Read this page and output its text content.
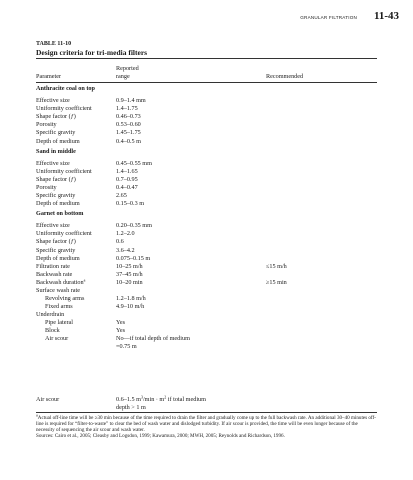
GRANULAR FILTRATION 11-43
TABLE 11-10
Design criteria for tri-media filters
Parameter
Reported
range	Recommended
Anthracite coal on top
Effective size	0.9–1.4 mm
Uniformity coefficient	1.4–1.75
Shape factor (ƒ)	0.46–0.73
Porosity	0.53–0.60
Specific gravity	1.45–1.75
Depth of medium	0.4–0.5 m
Sand in middle
Effective size	0.45–0.55 mm
Uniformity coefficient	1.4–1.65
Shape factor (ƒ)	0.7–0.95
Porosity	0.4–0.47
Specific gravity	2.65
Depth of medium	0.15–0.3 m
Garnet on bottom
Effective size	0.20–0.35 mm
Uniformity coefficient	1.2–2.0
Shape factor (ƒ)	0.6
Specific gravity	3.6–4.2
Depth of medium	0.075–0.15 m
Filtration rate	10–25 m/h	≤15 m/h
Backwash rate	37–45 m/h
Backwash duration$^a$	10–20 min	≥15 min
Surface wash rate
Revolving arms	1.2–1.8 m/h
Fixed arms	4.9–10 m/h
Underdrain
Pipe lateral	Yes
Block	Yes
Air scour	No—if total depth of medium
=0.75 m
Air scour	0.6–1.5 $m^3/\min \cdot m^2$ if total medium
depth > 1 m

$^a$Actual off-line time will be ≥30 min because of the time required to drain the filter and gradually come up to the full backwash rate. An additional 30–40 minutes off-line is required for “filter-to-waste” to clear the bed of wash water and dislodged turbidity. If air scour is provided, the time will be even longer because of the necessity of sequencing the air scour and wash water.

Sources: Cairo et al., 2005; Cleasby and Logsdon, 1999; Kawamura, 2000; MWH, 2005; Reynolds and Richardson, 1996.
